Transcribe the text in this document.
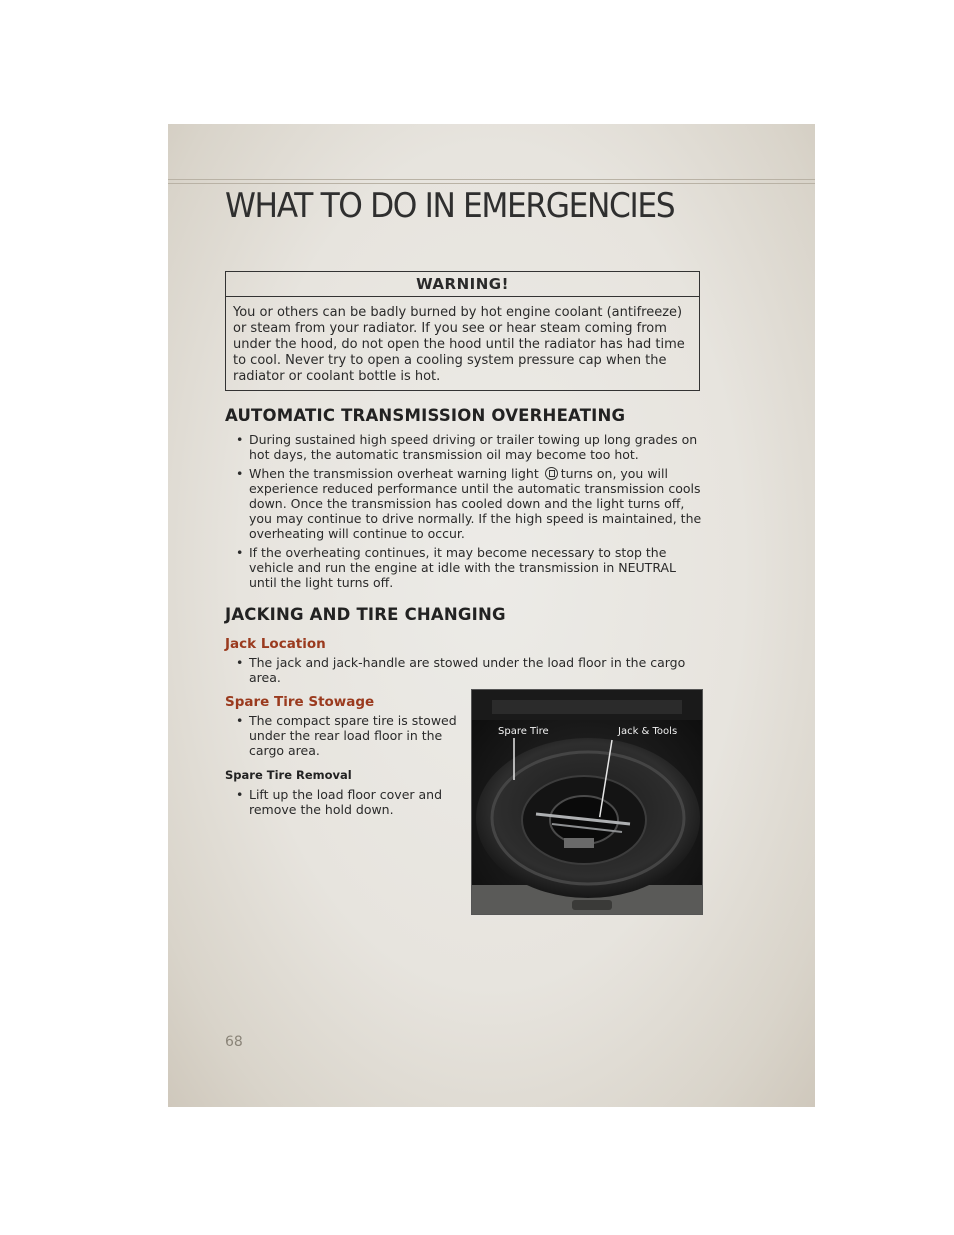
WHAT TO DO IN EMERGENCIES
WARNING!
You or others can be badly burned by hot engine coolant (antifreeze) or steam from your radiator. If you see or hear steam coming from under the hood, do not open the hood until the radiator has had time to cool. Never try to open a cooling system pressure cap when the radiator or coolant bottle is hot.
AUTOMATIC TRANSMISSION OVERHEATING
• During sustained high speed driving or trailer towing up long grades on hot days, the automatic transmission oil may become too hot.
• When the transmission overheat warning light turns on, you will experience reduced performance until the automatic transmission cools down. Once the transmission has cooled down and the light turns off, you may continue to drive normally. If the high speed is maintained, the overheating will continue to occur.
• If the overheating continues, it may become necessary to stop the vehicle and run the engine at idle with the transmission in NEUTRAL until the light turns off.
JACKING AND TIRE CHANGING
Jack Location
• The jack and jack-handle are stowed under the load floor in the cargo area.
Spare Tire Stowage
• The compact spare tire is stowed under the rear load floor in the cargo area.
Spare Tire Removal
• Lift up the load floor cover and remove the hold down.
Spare Tire	Jack & Tools
68
